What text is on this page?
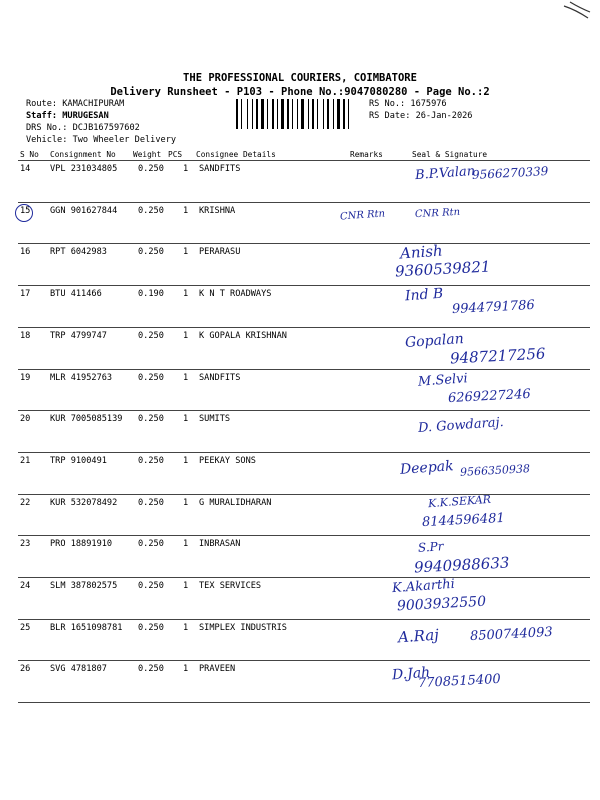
THE PROFESSIONAL COURIERS, COIMBATORE
Delivery Runsheet - P103 - Phone No.:9047080280 - Page No.:2
Route: KAMACHIPURAM
Staff: MURUGESAN
DRS No.: DCJB167597602
Vehicle: Two Wheeler Delivery
RS No.: 1675976
RS Date: 26-Jan-2026
S No Consignment No Weight PCS Consignee Details	Remarks	Seal & Signature
14 VPL 231034805 0.250 1 SANDFITS	B.P.Valan
9566270339
15 GGN 901627844 0.250 1 KRISHNA	CNR Rtn	CNR Rtn
16 RPT 6042983	0.250 1 PERARASU	Anish
9360539821
17 BTU 411466	0.190 1 K N T ROADWAYS	Ind B
9944791786
18 TRP 4799747	0.250 1 K GOPALA KRISHNAN	Gopalan
9487217256
19 MLR 41952763	0.250 1 SANDFITS	M.Selvi
6269227246
20 KUR 7005085139 0.250 1 SUMITS	D. Gowdaraj.
21 TRP 9100491	0.250 1 PEEKAY SONS	Deepak 9566350938
22 KUR 532078492 0.250 1 G MURALIDHARAN	K.K.SEKAR
8144596481
23 PRO 18891910	0.250 1 INBRASAN	S.Pr
9940988633
24 SLM 387802575 0.250 1 TEX SERVICES	K.Akarthi
9003932550
25 BLR 1651098781 0.250 1 SIMPLEX INDUSTRIS	A.Raj 8500744093
26 SVG 4781807	0.250 1 PRAVEEN	D.Jah
7708515400
